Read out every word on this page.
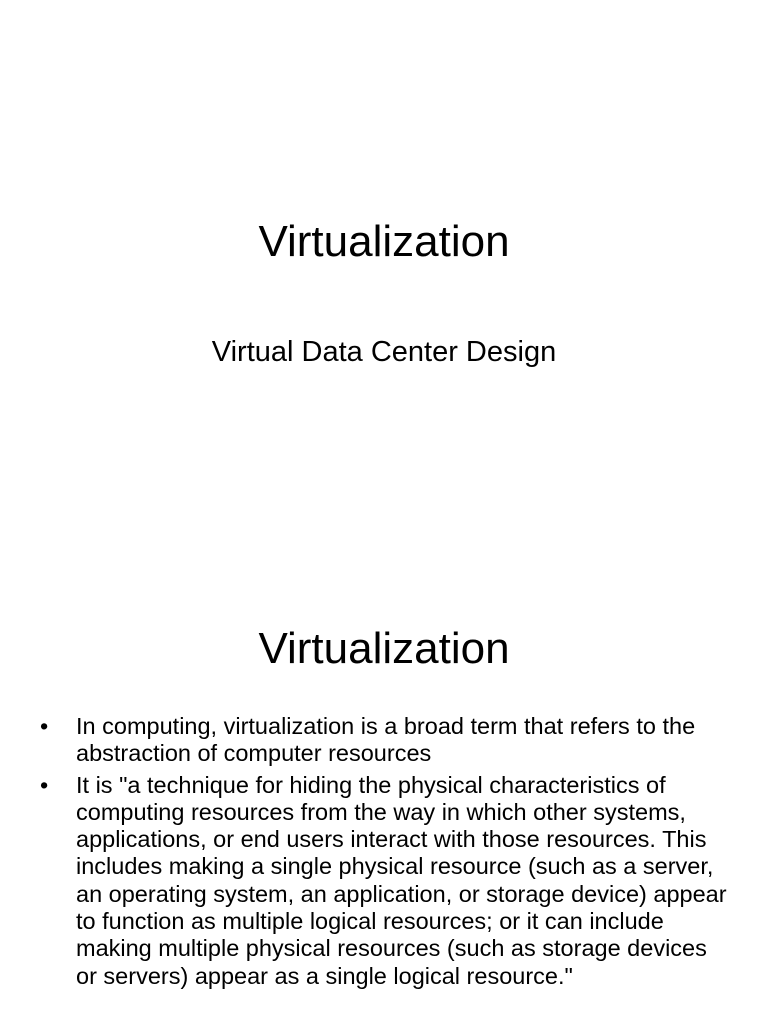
Virtualization
Virtual Data Center Design
Virtualization
• In computing, virtualization is a broad term that refers to the abstraction of computer resources
• It is "a technique for hiding the physical characteristics of computing resources from the way in which other systems, applications, or end users interact with those resources. This includes making a single physical resource (such as a server, an operating system, an application, or storage device) appear to function as multiple logical resources; or it can include making multiple physical resources (such as storage devices or servers) appear as a single logical resource."
